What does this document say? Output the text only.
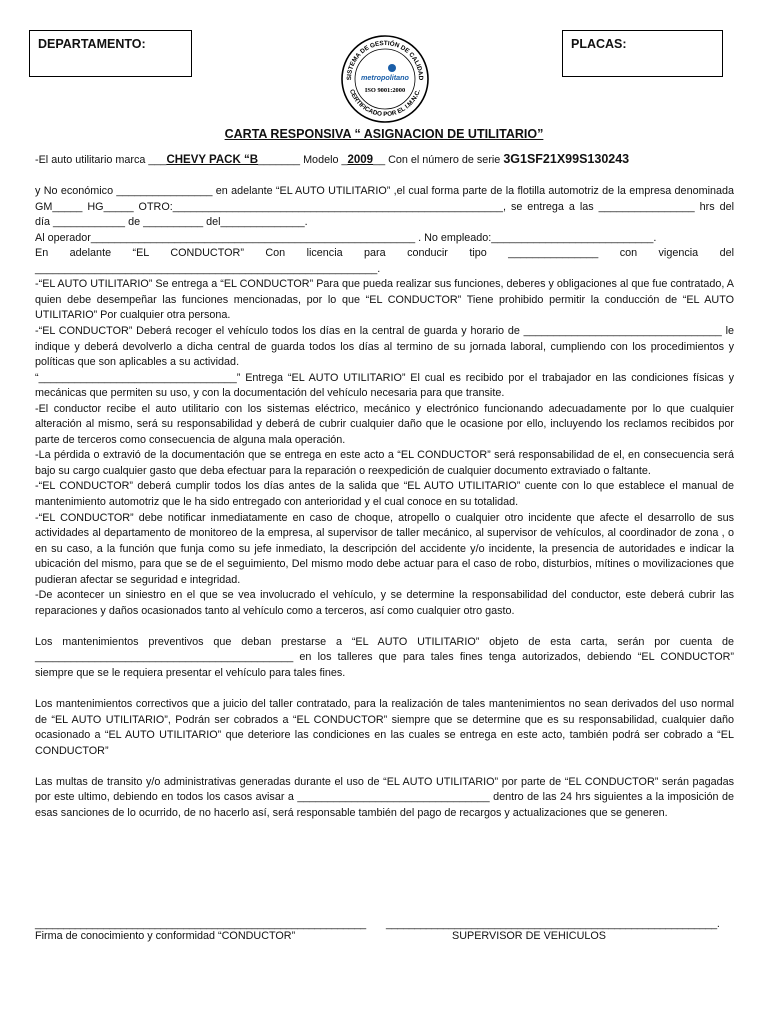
DEPARTAMENTO:
SISTEMA DE GESTIÓN DE CALIDAD
CERTIFICADO POR EL I.M.N.C.
metropolitano
ISO 9001:2000
PLACAS:
CARTA RESPONSIVA “ ASIGNACION DE UTILITARIO”

-El auto utilitario marca ___CHEVY PACK “B_______ Modelo _2009__ Con el número de serie 3G1SF21X99S130243

y No económico ________________ en adelante “EL AUTO UTILITARIO” ,el cual forma parte de la flotilla automotriz de la empresa denominada GM_____ HG_____ OTRO:_______________________________________________________, se entrega a las ________________ hrs del día ____________ de __________ del______________.

Al operador______________________________________________________ . No empleado:___________________________.

En adelante “EL CONDUCTOR” Con licencia para conducir tipo _______________ con vigencia del _________________________________________________________.

-“EL AUTO UTILITARIO” Se entrega a “EL CONDUCTOR” Para que pueda realizar sus funciones, deberes y obligaciones al que fue contratado, A quien debe desempeñar las funciones mencionadas, por lo que “EL CONDUCTOR” Tiene prohibido permitir la conducción de “EL AUTO UTILITARIO” Por cualquier otra persona.

-“EL CONDUCTOR” Deberá recoger el vehículo todos los días en la central de guarda y horario de _________________________________ le indique y deberá devolverlo a dicha central de guarda todos los días al termino de su jornada laboral, cumpliendo con los procedimientos y políticas que son aplicables a su actividad.

“_________________________________” Entrega “EL AUTO UTILITARIO” El cual es recibido por el trabajador en las condiciones físicas y mecánicas que permiten su uso, y con la documentación del vehículo necesaria para que transite.

-El conductor recibe el auto utilitario con los sistemas eléctrico, mecánico y electrónico funcionando adecuadamente por lo que cualquier alteración al mismo, será su responsabilidad y deberá de cubrir cualquier daño que le ocasione por ello, incluyendo los reclamos recibidos por parte de terceros como consecuencia de alguna mala operación.

-La pérdida o extravió de la documentación que se entrega en este acto a “EL CONDUCTOR” será responsabilidad de el, en consecuencia será bajo su cargo cualquier gasto que deba efectuar para la reparación o reexpedición de cualquier documento extraviado o faltante.

-“EL CONDUCTOR” deberá cumplir todos los días antes de la salida que “EL AUTO UTILITARIO” cuente con lo que establece el manual de mantenimiento automotriz que le ha sido entregado con anterioridad y el cual conoce en su totalidad.

-“EL CONDUCTOR” debe notificar inmediatamente en caso de choque, atropello o cualquier otro incidente que afecte el desarrollo de sus actividades al departamento de monitoreo de la empresa, al supervisor de taller mecánico, al supervisor de vehículos, al coordinador de zona , o en su caso, a la función que funja como su jefe inmediato, la descripción del accidente y/o incidente, la presencia de autoridades e indicar la ubicación del mismo, para que se de el seguimiento, Del mismo modo debe actuar para el caso de robo, disturbios, mítines o movilizaciones que pudieran afectar se seguridad e integridad.

-De acontecer un siniestro en el que se vea involucrado el vehículo, y se determine la responsabilidad del conductor, este deberá cubrir las reparaciones y daños ocasionados tanto al vehículo como a terceros, así como cualquier otro gasto.

Los mantenimientos preventivos que deban prestarse a “EL AUTO UTILITARIO” objeto de esta carta, serán por cuenta de ___________________________________________ en los talleres que para tales fines tenga autorizados, debiendo “EL CONDUCTOR” siempre que se le requiera presentar el vehículo para tales fines.

Los mantenimientos correctivos que a juicio del taller contratado, para la realización de tales mantenimientos no sean derivados del uso normal de “EL AUTO UTILITARIO”, Podrán ser cobrados a “EL CONDUCTOR” siempre que se determine que es su responsabilidad, cualquier daño ocasionado a “EL AUTO UTILITARIO” que deteriore las condiciones en las cuales se entrega en este acto, también podrá ser cobrado a “EL CONDUCTOR”

Las multas de transito y/o administrativas generadas durante el uso de “EL AUTO UTILITARIO” por parte de “EL CONDUCTOR” serán pagadas por este ultimo, debiendo en todos los casos avisar a ________________________________ dentro de las 24 hrs siguientes a la imposición de esas sanciones de lo ocurrido, de no hacerlo así, será responsable también del pago de recargos y actualizaciones que se generen.

__________________________________________________________
Firma de conocimiento y conformidad “CONDUCTOR”
__________________________________________________________.
SUPERVISOR DE VEHICULOS
